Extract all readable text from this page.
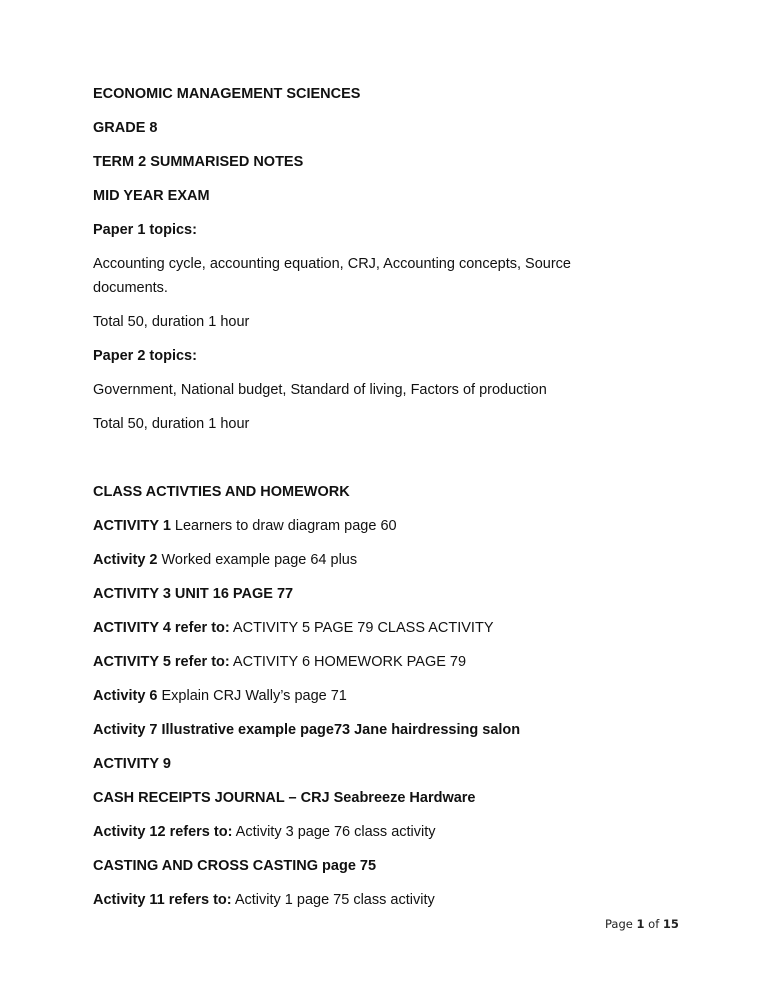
ECONOMIC MANAGEMENT SCIENCES
GRADE 8
TERM 2 SUMMARISED NOTES
MID YEAR EXAM
Paper 1 topics:
Accounting cycle, accounting equation, CRJ, Accounting concepts, Source documents.
Total 50, duration 1 hour
Paper 2 topics:
Government, National budget, Standard of living, Factors of production
Total 50, duration 1 hour
CLASS ACTIVTIES AND HOMEWORK
ACTIVITY 1 Learners to draw diagram page 60
Activity 2 Worked example page 64 plus
ACTIVITY 3 UNIT 16 PAGE 77
ACTIVITY 4 refer to: ACTIVITY 5 PAGE 79 CLASS ACTIVITY
ACTIVITY 5 refer to: ACTIVITY 6 HOMEWORK PAGE 79
Activity 6 Explain CRJ Wally’s page 71
Activity 7 Illustrative example page73 Jane hairdressing salon
ACTIVITY 9
CASH RECEIPTS JOURNAL – CRJ Seabreeze Hardware
Activity 12 refers to: Activity 3 page 76 class activity
CASTING AND CROSS CASTING page 75
Activity 11 refers to: Activity 1 page 75 class activity
Page 1 of 15
